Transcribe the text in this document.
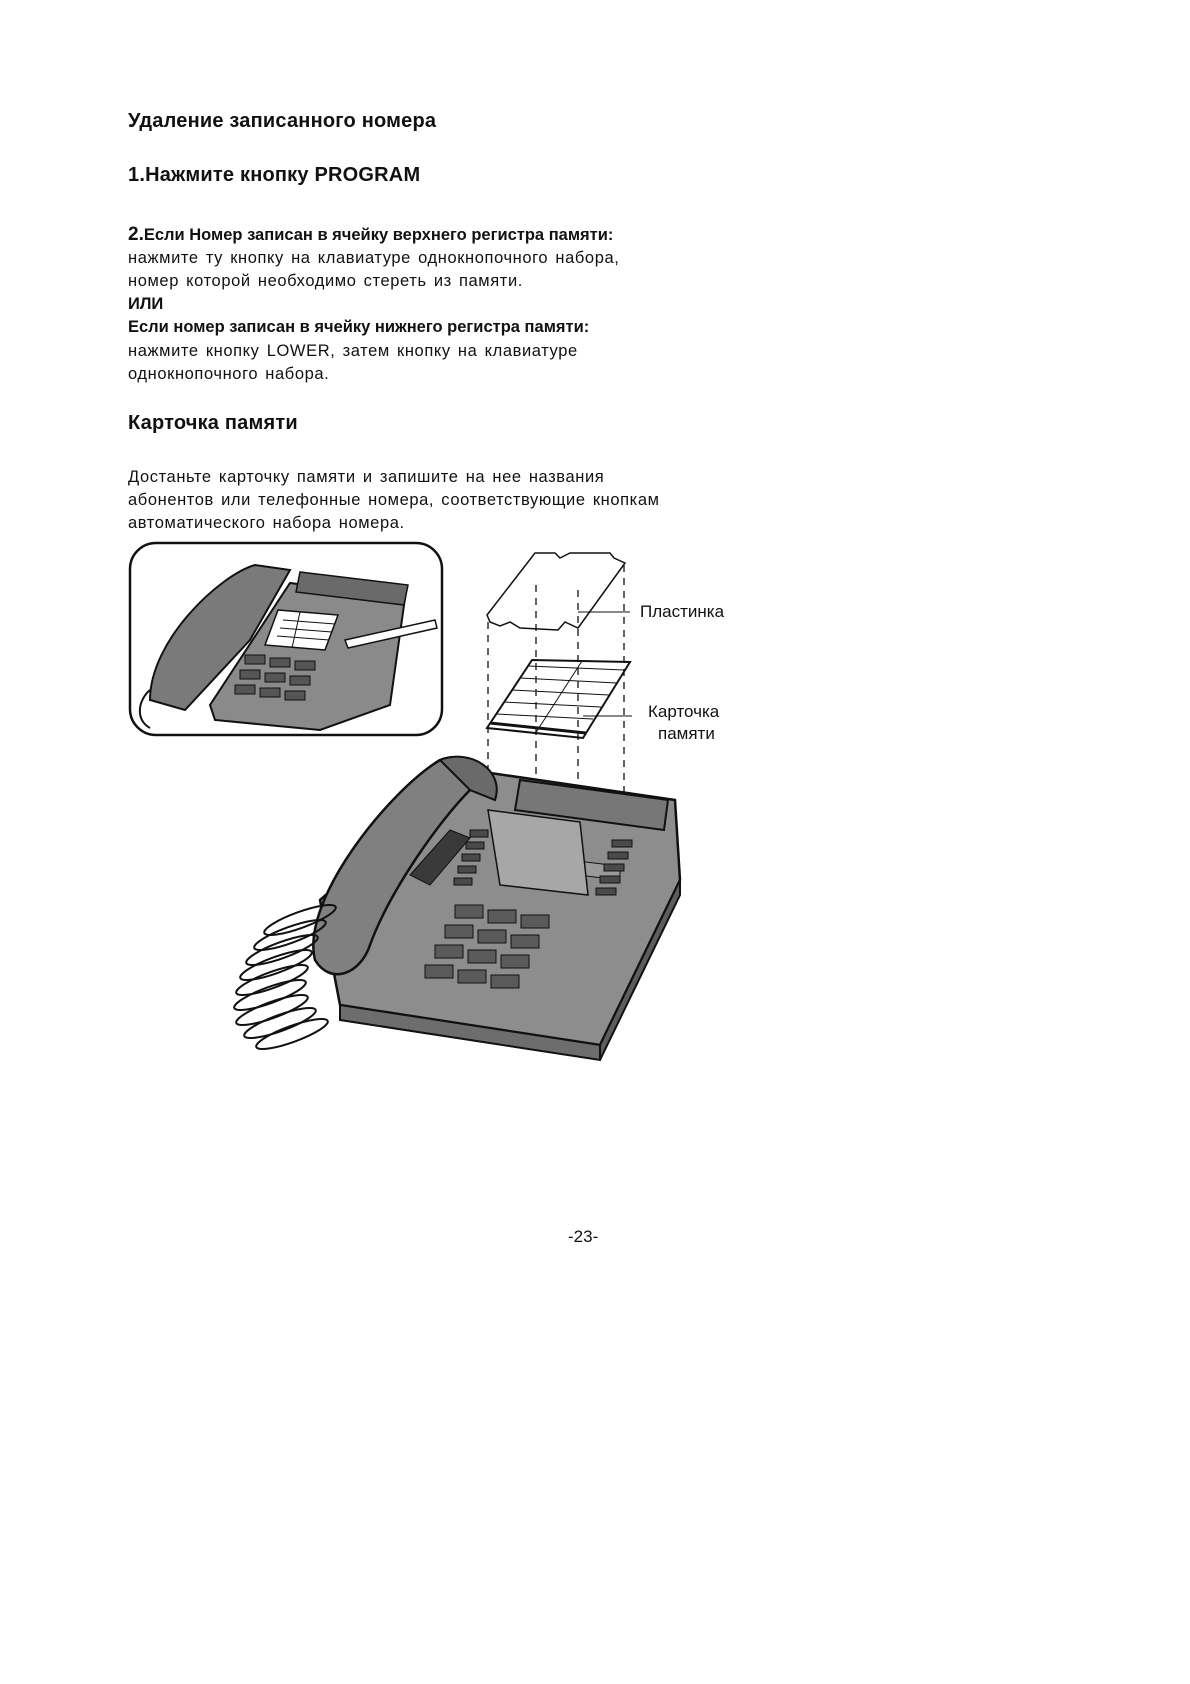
Удаление записанного номера
1.Нажмите кнопку PROGRAM
2.Если Номер записан в ячейку верхнего регистра памяти:
нажмите ту кнопку на клавиатуре однокнопочного набора,
номер которой необходимо стереть из памяти.
ИЛИ
Если номер записан в ячейку нижнего регистра памяти:
нажмите кнопку LOWER, затем кнопку на клавиатуре
однокнопочного набора.
Карточка памяти
Достаньте карточку памяти и запишите на нее названия
абонентов или телефонные номера, соответствующие кнопкам
автоматического набора номера.
Пластинка
Карточка
памяти
-23-
